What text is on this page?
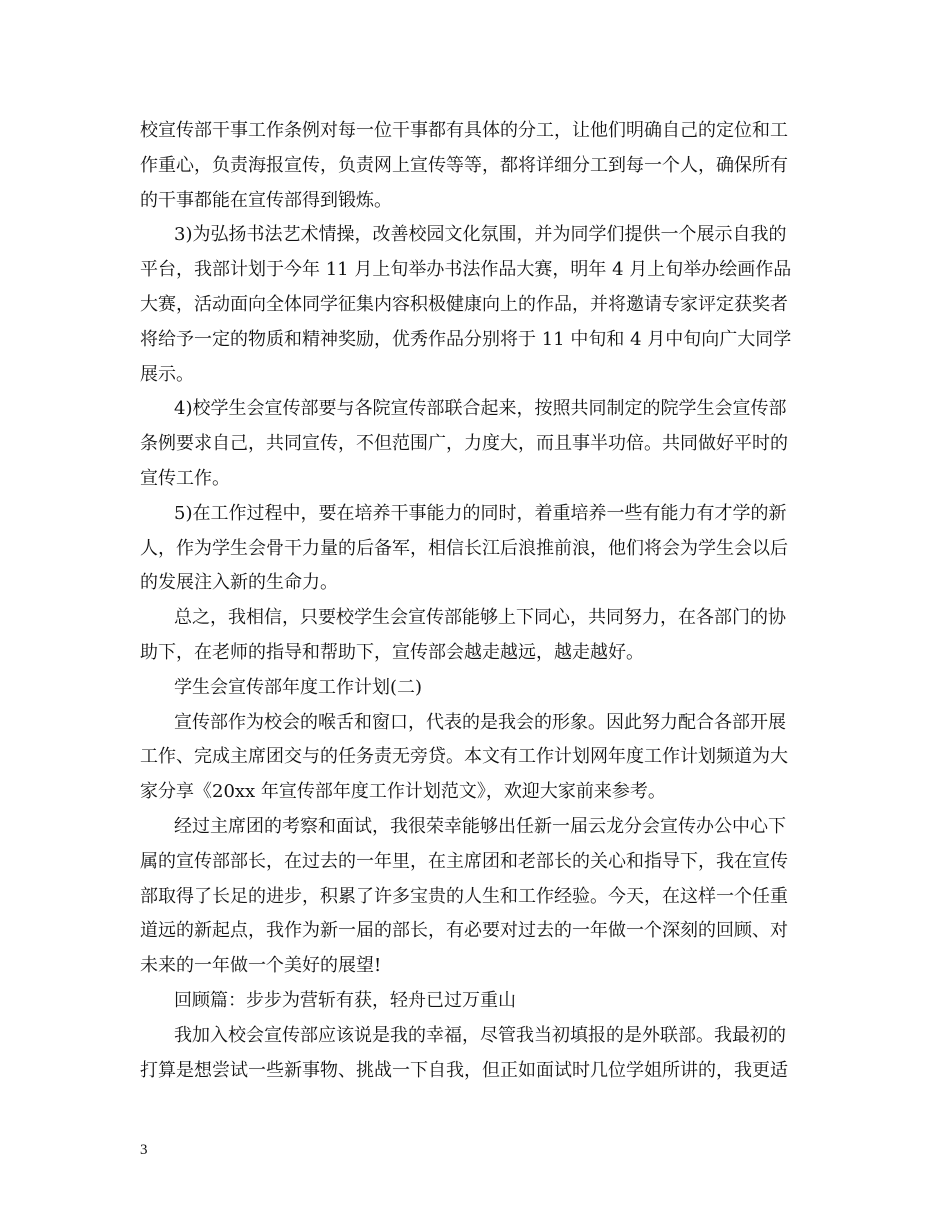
校宣传部干事工作条例对每一位干事都有具体的分工，让他们明确自己的定位和工
作重心，负责海报宣传，负责网上宣传等等，都将详细分工到每一个人，确保所有
的干事都能在宣传部得到锻炼。
3)为弘扬书法艺术情操，改善校园文化氛围，并为同学们提供一个展示自我的
平台，我部计划于今年 11 月上旬举办书法作品大赛，明年 4 月上旬举办绘画作品
大赛，活动面向全体同学征集内容积极健康向上的作品，并将邀请专家评定获奖者
将给予一定的物质和精神奖励，优秀作品分别将于 11 中旬和 4 月中旬向广大同学
展示。
4)校学生会宣传部要与各院宣传部联合起来，按照共同制定的院学生会宣传部
条例要求自己，共同宣传，不但范围广，力度大，而且事半功倍。共同做好平时的
宣传工作。
5)在工作过程中，要在培养干事能力的同时，着重培养一些有能力有才学的新
人，作为学生会骨干力量的后备军，相信长江后浪推前浪，他们将会为学生会以后
的发展注入新的生命力。
总之，我相信，只要校学生会宣传部能够上下同心，共同努力，在各部门的协
助下，在老师的指导和帮助下，宣传部会越走越远，越走越好。
学生会宣传部年度工作计划(二)
宣传部作为校会的喉舌和窗口，代表的是我会的形象。因此努力配合各部开展
工作、完成主席团交与的任务责无旁贷。本文有工作计划网年度工作计划频道为大
家分享《20xx 年宣传部年度工作计划范文》，欢迎大家前来参考。
经过主席团的考察和面试，我很荣幸能够出任新一届云龙分会宣传办公中心下
属的宣传部部长，在过去的一年里，在主席团和老部长的关心和指导下，我在宣传
部取得了长足的进步，积累了许多宝贵的人生和工作经验。今天，在这样一个任重
道远的新起点，我作为新一届的部长，有必要对过去的一年做一个深刻的回顾、对
未来的一年做一个美好的展望!
回顾篇：步步为营斩有获，轻舟已过万重山
我加入校会宣传部应该说是我的幸福，尽管我当初填报的是外联部。我最初的
打算是想尝试一些新事物、挑战一下自我，但正如面试时几位学姐所讲的，我更适
3
